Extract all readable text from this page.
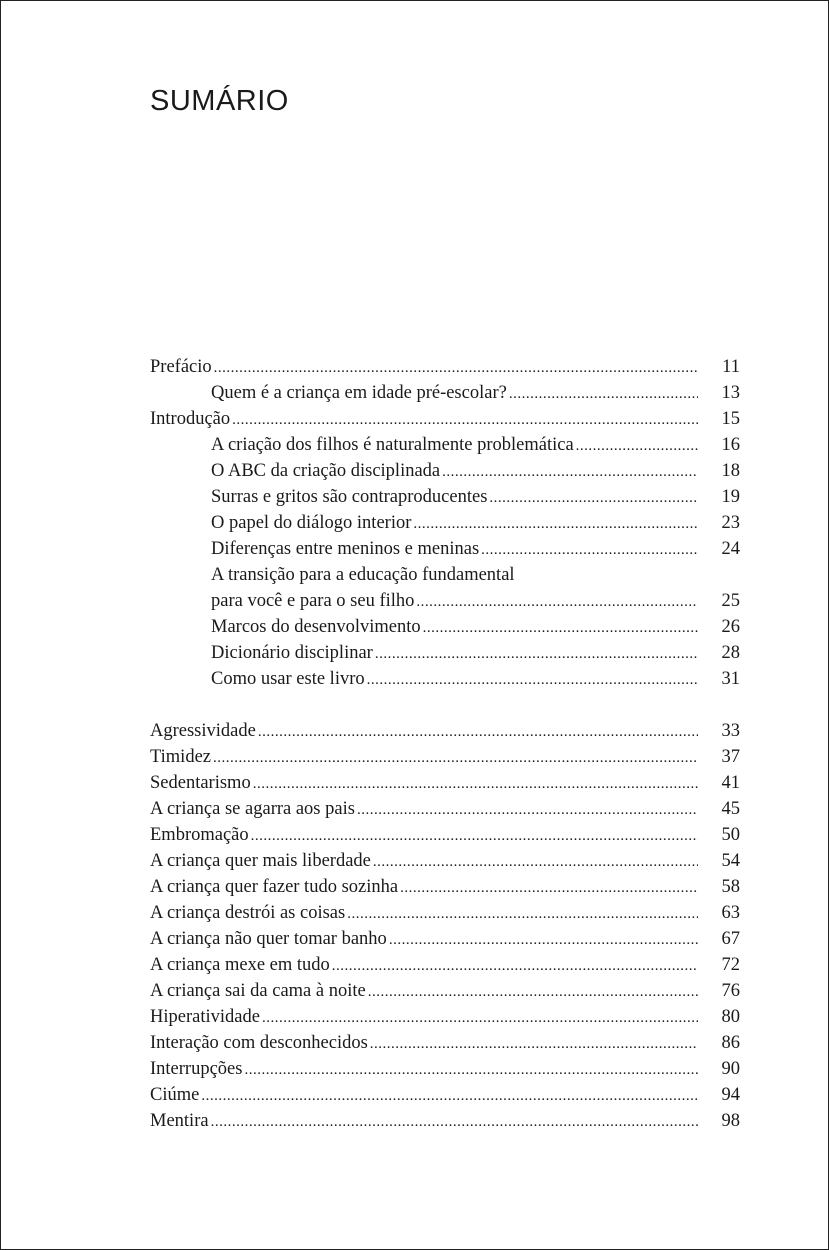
SUMÁRIO
Prefácio .....	11
Quem é a criança em idade pré-escolar? .....	13
Introdução .....	15
A criação dos filhos é naturalmente problemática .....	16
O ABC da criação disciplinada .....	18
Surras e gritos são contraproducentes .....	19
O papel do diálogo interior .....	23
Diferenças entre meninos e meninas .....	24
A transição para a educação fundamental
para você e para o seu filho .....	25
Marcos do desenvolvimento .....	26
Dicionário disciplinar .....	28
Como usar este livro .....	31
Agressividade .....	33
Timidez .....	37
Sedentarismo .....	41
A criança se agarra aos pais .....	45
Embromação .....	50
A criança quer mais liberdade .....	54
A criança quer fazer tudo sozinha .....	58
A criança destrói as coisas .....	63
A criança não quer tomar banho .....	67
A criança mexe em tudo .....	72
A criança sai da cama à noite .....	76
Hiperatividade .....	80
Interação com desconhecidos .....	86
Interrupções .....	90
Ciúme .....	94
Mentira .....	98
